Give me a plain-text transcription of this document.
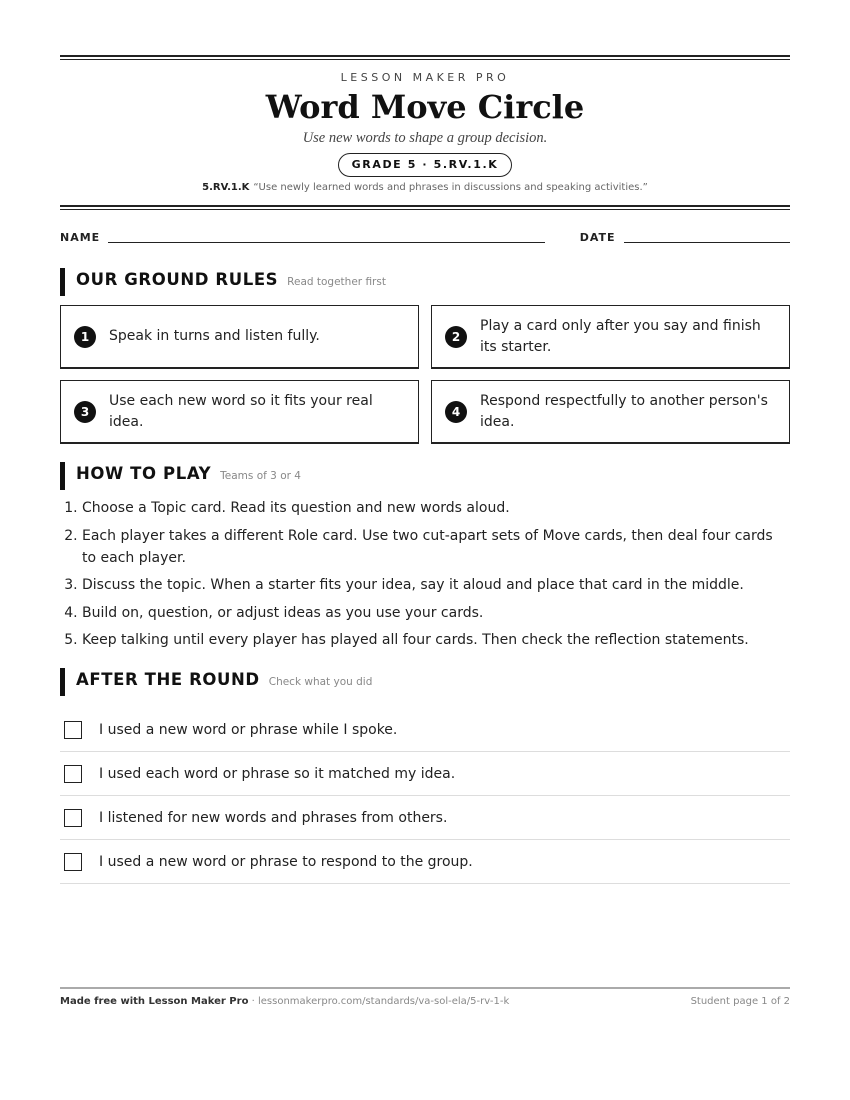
LESSON MAKER PRO
Word Move Circle
Use new words to shape a group decision.
GRADE 5 · 5.RV.1.K
5.RV.1.K “Use newly learned words and phrases in discussions and speaking activities.”
NAME	DATE
OUR GROUND RULES Read together first
1	Speak in turns and listen fully.	2
Play a card only after you say and finish its starter.
3
Use each new word so it fits your real idea.
4
Respond respectfully to another person's idea.
HOW TO PLAY Teams of 3 or 4
1. Choose a Topic card. Read its question and new words aloud.
2. Each player takes a different Role card. Use two cut-apart sets of Move cards, then deal four cards to each player.
3. Discuss the topic. When a starter fits your idea, say it aloud and place that card in the middle.
4. Build on, question, or adjust ideas as you use your cards.
5. Keep talking until every player has played all four cards. Then check the reflection statements.
AFTER THE ROUND Check what you did
I used a new word or phrase while I spoke.
I used each word or phrase so it matched my idea.
I listened for new words and phrases from others.
I used a new word or phrase to respond to the group.
Made free with Lesson Maker Pro · lessonmakerpro.com/standards/va-sol-ela/5-rv-1-k	Student page 1 of 2
